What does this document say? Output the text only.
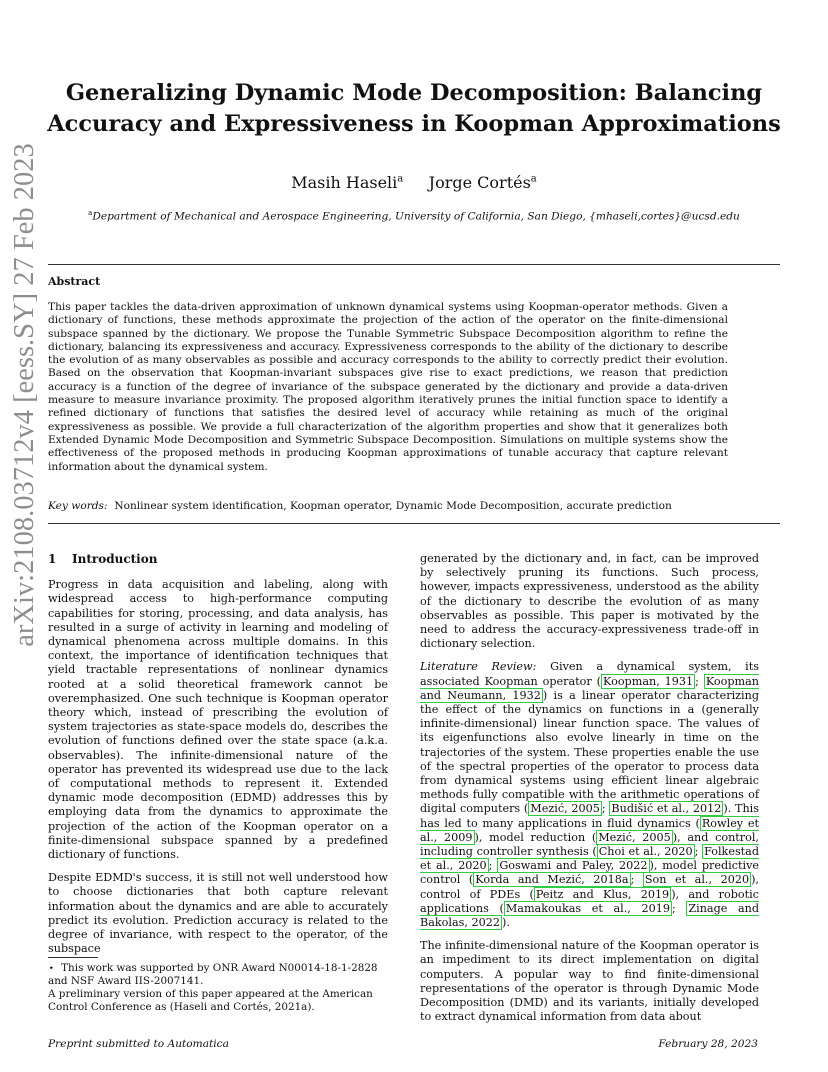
arXiv:2108.03712v4 [eess.SY] 27 Feb 2023
Generalizing Dynamic Mode Decomposition: Balancing
Accuracy and Expressiveness in Koopman Approximations
Masih Haseli$^a$ Jorge Cortés$^a$
$^a$Department of Mechanical and Aerospace Engineering, University of California, San Diego, {mhaseli,cortes}@ucsd.edu
Abstract
This paper tackles the data-driven approximation of unknown dynamical systems using Koopman-operator methods. Given a dictionary of functions, these methods approximate the projection of the action of the operator on the finite-dimensional subspace spanned by the dictionary. We propose the Tunable Symmetric Subspace Decomposition algorithm to refine the dictionary, balancing its expressiveness and accuracy. Expressiveness corresponds to the ability of the dictionary to describe the evolution of as many observables as possible and accuracy corresponds to the ability to correctly predict their evolution. Based on the observation that Koopman-invariant subspaces give rise to exact predictions, we reason that prediction accuracy is a function of the degree of invariance of the subspace generated by the dictionary and provide a data-driven measure to measure invariance proximity. The proposed algorithm iteratively prunes the initial function space to identify a refined dictionary of functions that satisfies the desired level of accuracy while retaining as much of the original expressiveness as possible. We provide a full characterization of the algorithm properties and show that it generalizes both Extended Dynamic Mode Decomposition and Symmetric Subspace Decomposition. Simulations on multiple systems show the effectiveness of the proposed methods in producing Koopman approximations of tunable accuracy that capture relevant information about the dynamical system.
Key words: Nonlinear system identification, Koopman operator, Dynamic Mode Decomposition, accurate prediction
1 Introduction

Progress in data acquisition and labeling, along with widespread access to high-performance computing capabilities for storing, processing, and data analysis, has resulted in a surge of activity in learning and modeling of dynamical phenomena across multiple domains. In this context, the importance of identification techniques that yield tractable representations of nonlinear dynamics rooted at a solid theoretical framework cannot be overemphasized. One such technique is Koopman operator theory which, instead of prescribing the evolution of system trajectories as state-space models do, describes the evolution of functions defined over the state space (a.k.a. observables). The infinite-dimensional nature of the operator has prevented its widespread use due to the lack of computational methods to represent it. Extended dynamic mode decomposition (EDMD) addresses this by employing data from the dynamics to approximate the projection of the action of the Koopman operator on a finite-dimensional subspace spanned by a predefined dictionary of functions.

Despite EDMD's success, it is still not well understood how to choose dictionaries that both capture relevant information about the dynamics and are able to accurately predict its evolution. Prediction accuracy is related to the degree of invariance, with respect to the operator, of the subspace

generated by the dictionary and, in fact, can be improved by selectively pruning its functions. Such process, however, impacts expressiveness, understood as the ability of the dictionary to describe the evolution of as many observables as possible. This paper is motivated by the need to address the accuracy-expressiveness trade-off in dictionary selection.

Literature Review: Given a dynamical system, its associated Koopman operator ( Koopman, 1931 ; Koopman and Neumann, 1932 ) is a linear operator characterizing the effect of the dynamics on functions in a (generally infinite-dimensional) linear function space. The values of its eigenfunctions also evolve linearly in time on the trajectories of the system. These properties enable the use of the spectral properties of the operator to process data from dynamical systems using efficient linear algebraic methods fully compatible with the arithmetic operations of digital computers ( Mezić, 2005 ; Budišić et al., 2012 ). This has led to many applications in fluid dynamics ( Rowley et al., 2009 ), model reduction ( Mezić, 2005 ), and control, including controller synthesis ( Choi et al., 2020 ; Folkestad et al., 2020 ; Goswami and Paley, 2022 ), model predictive control ( Korda and Mezić, 2018a ; Son et al., 2020 ), control of PDEs ( Peitz and Klus, 2019 ), and robotic applications ( Mamakoukas et al., 2019 ; Zinage and Bakolas, 2022 ).

The infinite-dimensional nature of the Koopman operator is an impediment to its direct implementation on digital computers. A popular way to find finite-dimensional representations of the operator is through Dynamic Mode Decomposition (DMD) and its variants, initially developed to extract dynamical information from data about

⋆ This work was supported by ONR Award N00014-18-1-2828 and NSF Award IIS-2007141.

A preliminary version of this paper appeared at the American Control Conference as (Haseli and Cortés, 2021a).

Preprint submitted to Automatica	February 28, 2023
